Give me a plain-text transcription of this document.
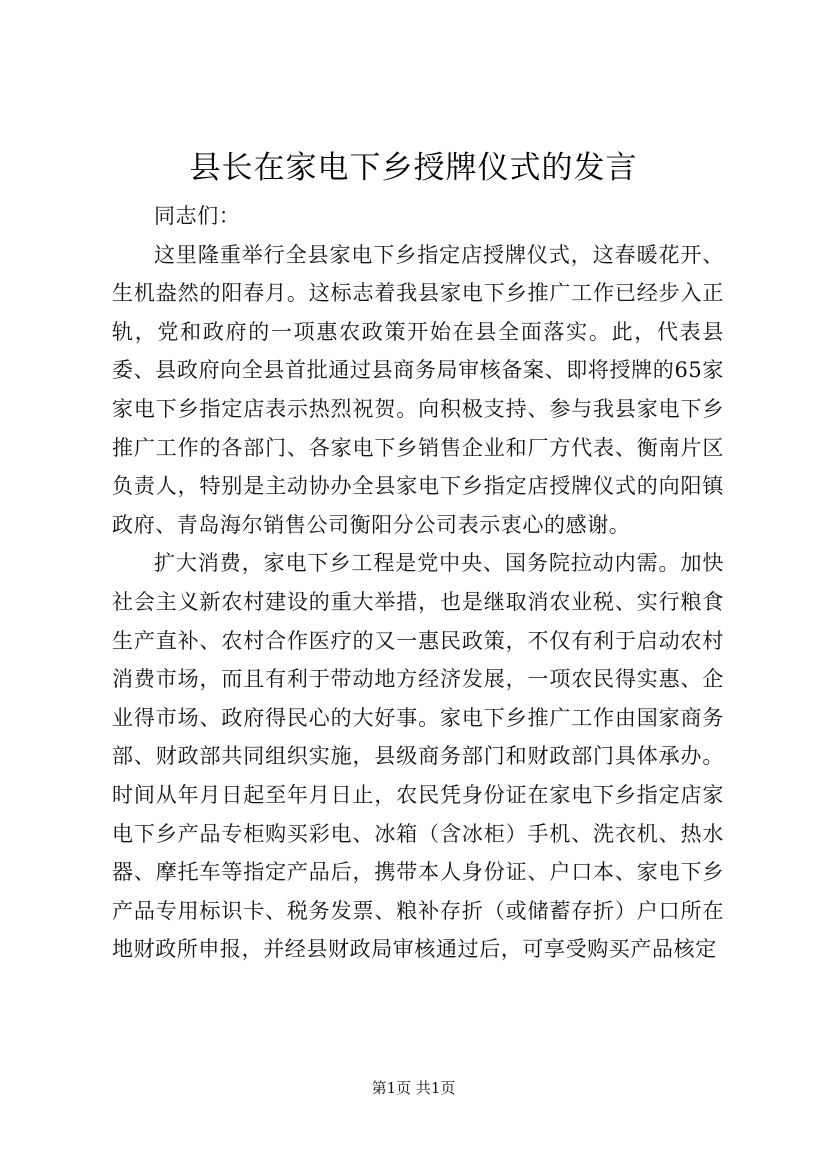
县长在家电下乡授牌仪式的发言

同志们：

这里隆重举行全县家电下乡指定店授牌仪式，这春暖花开、生机盎然的阳春月。这标志着我县家电下乡推广工作已经步入正轨，党和政府的一项惠农政策开始在县全面落实。此，代表县委、县政府向全县首批通过县商务局审核备案、即将授牌的65家家电下乡指定店表示热烈祝贺。向积极支持、参与我县家电下乡推广工作的各部门、各家电下乡销售企业和厂方代表、衡南片区负责人，特别是主动协办全县家电下乡指定店授牌仪式的向阳镇政府、青岛海尔销售公司衡阳分公司表示衷心的感谢。

扩大消费，家电下乡工程是党中央、国务院拉动内需。加快社会主义新农村建设的重大举措，也是继取消农业税、实行粮食生产直补、农村合作医疗的又一惠民政策，不仅有利于启动农村消费市场，而且有利于带动地方经济发展，一项农民得实惠、企业得市场、政府得民心的大好事。家电下乡推广工作由国家商务部、财政部共同组织实施，县级商务部门和财政部门具体承办。时间从年月日起至年月日止，农民凭身份证在家电下乡指定店家电下乡产品专柜购买彩电、冰箱（含冰柜）手机、洗衣机、热水器、摩托车等指定产品后，携带本人身份证、户口本、家电下乡产品专用标识卡、税务发票、粮补存折（或储蓄存折）户口所在地财政所申报，并经县财政局审核通过后，可享受购买产品核定

第1页 共1页
